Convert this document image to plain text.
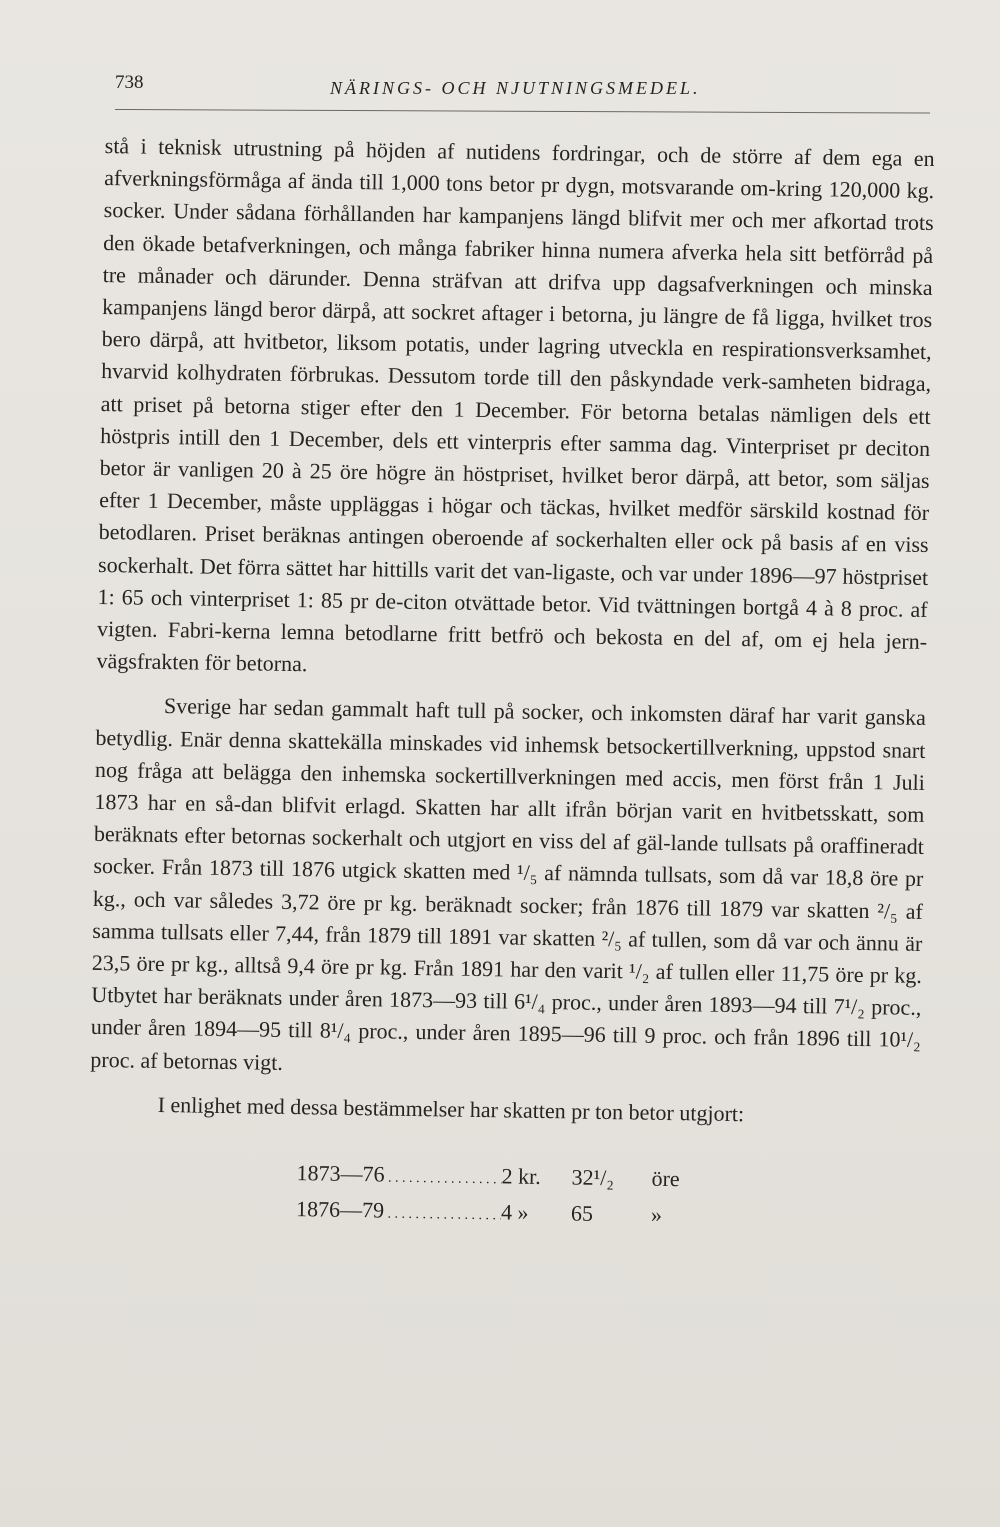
738	NÄRINGS- OCH NJUTNINGSMEDEL.

stå i teknisk utrustning på höjden af nutidens fordringar, och de större af dem ega en afverkningsförmåga af ända till 1,000 tons betor pr dygn, motsvarande om-kring 120,000 kg. socker. Under sådana förhållanden har kampanjens längd blifvit mer och mer afkortad trots den ökade betafverkningen, och många fabriker hinna numera afverka hela sitt betförråd på tre månader och därunder. Denna sträfvan att drifva upp dagsafverkningen och minska kampanjens längd beror därpå, att sockret aftager i betorna, ju längre de få ligga, hvilket tros bero därpå, att hvitbetor, liksom potatis, under lagring utveckla en respirationsverksamhet, hvarvid kolhydraten förbrukas. Dessutom torde till den påskyndade verk-samheten bidraga, att priset på betorna stiger efter den 1 December. För betorna betalas nämligen dels ett höstpris intill den 1 December, dels ett vinterpris efter samma dag. Vinterpriset pr deciton betor är vanligen 20 à 25 öre högre än höstpriset, hvilket beror därpå, att betor, som säljas efter 1 December, måste uppläggas i högar och täckas, hvilket medför särskild kostnad för betodlaren. Priset beräknas antingen oberoende af sockerhalten eller ock på basis af en viss sockerhalt. Det förra sättet har hittills varit det van-ligaste, och var under 1896—97 höstpriset 1: 65 och vinterpriset 1: 85 pr de-citon otvättade betor. Vid tvättningen bortgå 4 à 8 proc. af vigten. Fabri-kerna lemna betodlarne fritt betfrö och bekosta en del af, om ej hela jern-vägsfrakten för betorna.

Sverige har sedan gammalt haft tull på socker, och inkomsten däraf har varit ganska betydlig. Enär denna skattekälla minskades vid inhemsk betsockertillverkning, uppstod snart nog fråga att belägga den inhemska sockertillverkningen med accis, men först från 1 Juli 1873 har en så-dan blifvit erlagd. Skatten har allt ifrån början varit en hvitbetsskatt, som beräknats efter betornas sockerhalt och utgjort en viss del af gäl-lande tullsats på oraffineradt socker. Från 1873 till 1876 utgick skatten med ¹/₅ af nämnda tullsats, som då var 18,8 öre pr kg., och var således 3,72 öre pr kg. beräknadt socker; från 1876 till 1879 var skatten ²/₅ af samma tullsats eller 7,44, från 1879 till 1891 var skatten ²/₅ af tullen, som då var och ännu är 23,5 öre pr kg., alltså 9,4 öre pr kg. Från 1891 har den varit ¹/₂ af tullen eller 11,75 öre pr kg. Utbytet har beräknats under åren 1873—93 till 6¹/₄ proc., under åren 1893—94 till 7¹/₂ proc., under åren 1894—95 till 8¹/₄ proc., under åren 1895—96 till 9 proc. och från 1896 till 10¹/₂ proc. af betornas vigt.

I enlighet med dessa bestämmelser har skatten pr ton betor utgjort:

1873—76 . . .	2 kr.	32¹/₂	öre
1876—79 . . .	4 »	65	»
